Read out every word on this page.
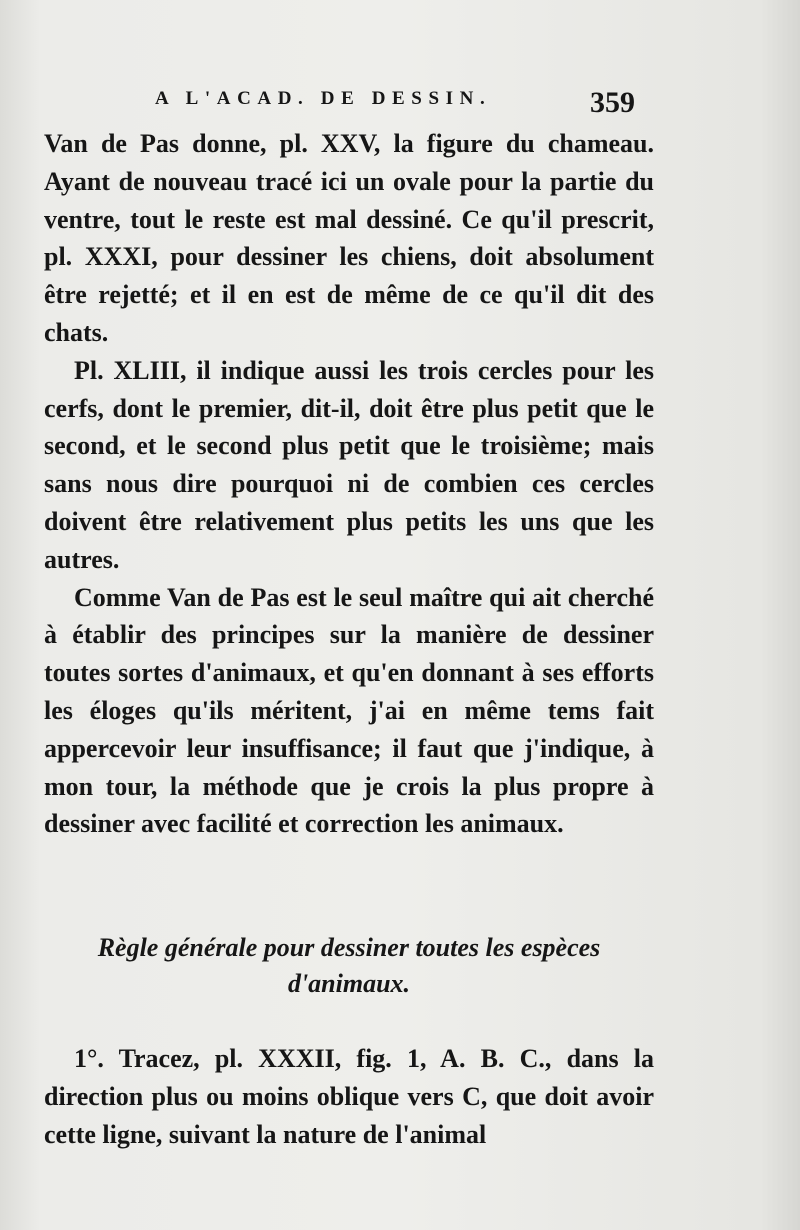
A L'ACAD. DE DESSIN.	359

Van de Pas donne, pl. XXV, la figure du chameau. Ayant de nouveau tracé ici un ovale pour la partie du ventre, tout le reste est mal dessiné. Ce qu'il prescrit, pl. XXXI, pour dessiner les chiens, doit absolument être rejetté; et il en est de même de ce qu'il dit des chats.

Pl. XLIII, il indique aussi les trois cercles pour les cerfs, dont le premier, dit-il, doit être plus petit que le second, et le second plus petit que le troisième; mais sans nous dire pourquoi ni de combien ces cercles doivent être relativement plus petits les uns que les autres.

Comme Van de Pas est le seul maître qui ait cherché à établir des principes sur la manière de dessiner toutes sortes d'animaux, et qu'en donnant à ses efforts les éloges qu'ils méritent, j'ai en même tems fait appercevoir leur insuffisance; il faut que j'indique, à mon tour, la méthode que je crois la plus propre à dessiner avec facilité et correction les animaux.

Règle générale pour dessiner toutes les espèces
d'animaux.

1°. Tracez, pl. XXXII, fig. 1, A. B. C., dans la direction plus ou moins oblique vers C, que doit avoir cette ligne, suivant la nature de l'animal
